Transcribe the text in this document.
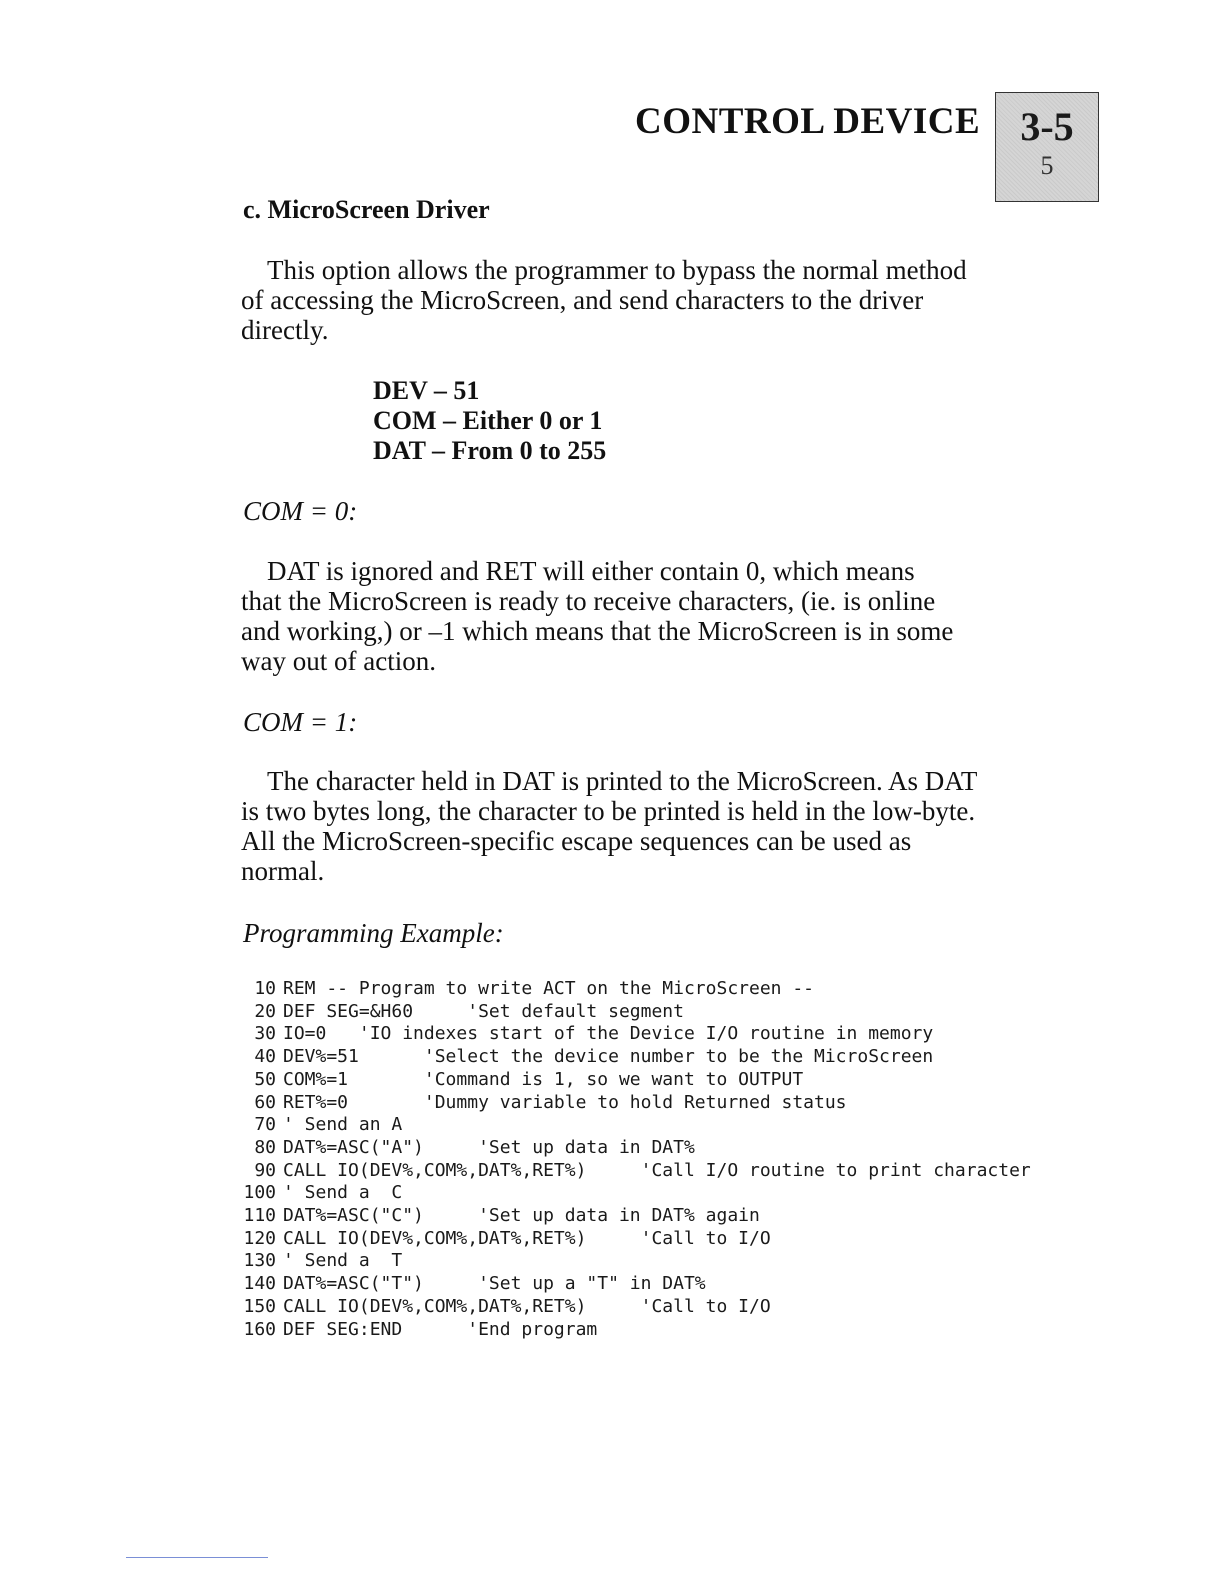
CONTROL DEVICE	3-5
5
c. MicroScreen Driver

This option allows the programmer to bypass the normal method of accessing the MicroScreen, and send characters to the driver directly.

DEV – 51
COM – Either 0 or 1
DAT – From 0 to 255
COM = 0:

DAT is ignored and RET will either contain 0, which means that the MicroScreen is ready to receive characters, (ie. is online and working,) or –1 which means that the MicroScreen is in some way out of action.

COM = 1:

The character held in DAT is printed to the MicroScreen. As DAT is two bytes long, the character to be printed is held in the low-byte. All the MicroScreen-specific escape sequences can be used as normal.

Programming Example:
10 REM -- Program to write ACT on the MicroScreen --
20 DEF SEG=&H60     'Set default segment
30 IO=0   'IO indexes start of the Device I/O routine in memory
40 DEV%=51      'Select the device number to be the MicroScreen
50 COM%=1       'Command is 1, so we want to OUTPUT
60 RET%=0       'Dummy variable to hold Returned status
70 ' Send an A
80 DAT%=ASC("A")     'Set up data in DAT%
90 CALL IO(DEV%,COM%,DAT%,RET%)     'Call I/O routine to print character
100 ' Send a  C
110 DAT%=ASC("C")     'Set up data in DAT% again
120 CALL IO(DEV%,COM%,DAT%,RET%)     'Call to I/O
130 ' Send a  T
140 DAT%=ASC("T")     'Set up a "T" in DAT%
150 CALL IO(DEV%,COM%,DAT%,RET%)     'Call to I/O
160 DEF SEG:END      'End program
